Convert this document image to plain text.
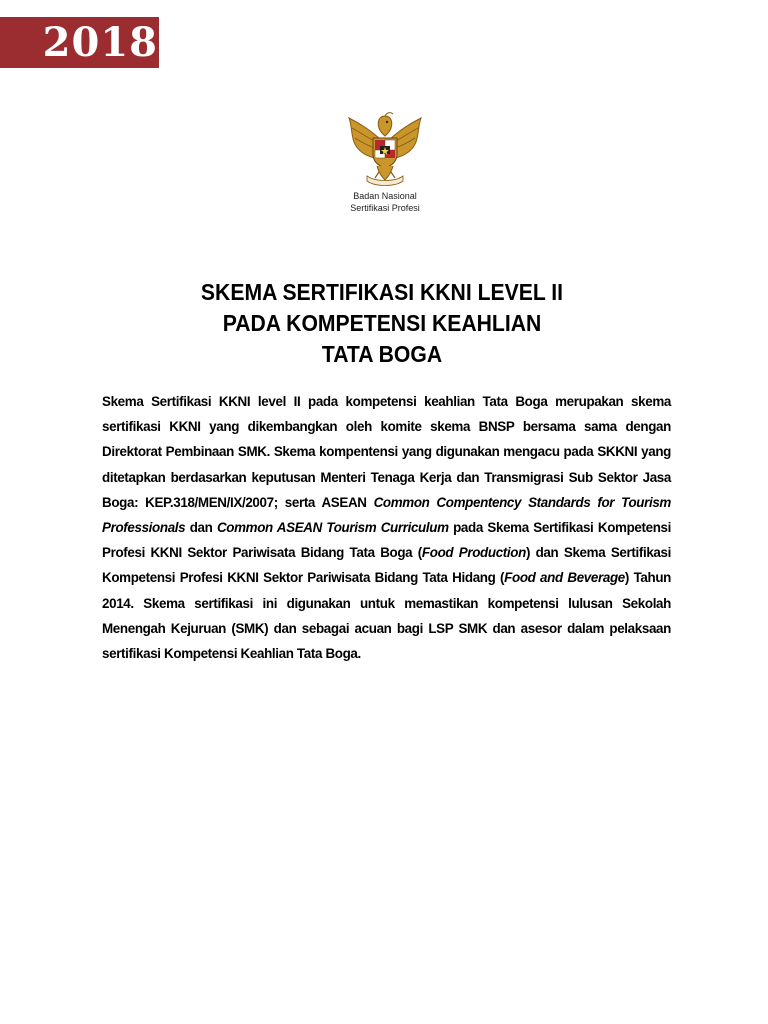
2018
Badan Nasional
Sertifikasi Profesi
SKEMA SERTIFIKASI KKNI LEVEL II
PADA KOMPETENSI KEAHLIAN
TATA BOGA
Skema Sertifikasi KKNI level II pada kompetensi keahlian Tata Boga merupakan skema sertifikasi KKNI yang dikembangkan oleh komite skema BNSP bersama sama dengan Direktorat Pembinaan SMK. Skema kompentensi yang digunakan mengacu pada SKKNI yang ditetapkan berdasarkan keputusan Menteri Tenaga Kerja dan Transmigrasi Sub Sektor Jasa Boga: KEP.318/MEN/IX/2007; serta ASEAN Common Compentency Standards for Tourism Professionals dan Common ASEAN Tourism Curriculum pada Skema Sertifikasi Kompetensi Profesi KKNI Sektor Pariwisata Bidang Tata Boga (Food Production) dan Skema Sertifikasi Kompetensi Profesi KKNI Sektor Pariwisata Bidang Tata Hidang (Food and Beverage) Tahun 2014. Skema sertifikasi ini digunakan untuk memastikan kompetensi lulusan Sekolah Menengah Kejuruan (SMK) dan sebagai acuan bagi LSP SMK dan asesor dalam pelaksaan sertifikasi Kompetensi Keahlian Tata Boga.
